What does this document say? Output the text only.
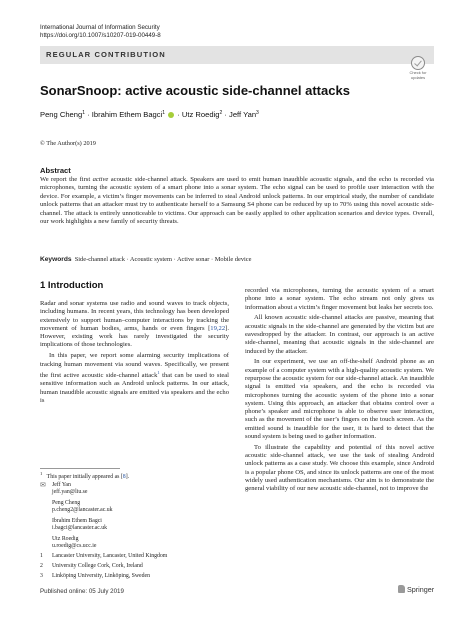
International Journal of Information Security
https://doi.org/10.1007/s10207-019-00449-8
REGULAR CONTRIBUTION
Check for
updates
SonarSnoop: active acoustic side-channel attacks
Peng Cheng$^1$ · Ibrahim Ethem Bagci$^1$  · Utz Roedig$^2$ · Jeff Yan$^3$
© The Author(s) 2019
Abstract
We report the first active acoustic side-channel attack. Speakers are used to emit human inaudible acoustic signals, and the echo is recorded via microphones, turning the acoustic system of a smart phone into a sonar system. The echo signal can be used to profile user interaction with the device. For example, a victim’s finger movements can be inferred to steal Android unlock patterns. In our empirical study, the number of candidate unlock patterns that an attacker must try to authenticate herself to a Samsung S4 phone can be reduced by up to 70% using this novel acoustic side-channel. The attack is entirely unnoticeable to victims. Our approach can be easily applied to other application scenarios and device types. Overall, our work highlights a new family of security threats.
Keywords Side-channel attack · Acoustic system · Active sonar · Mobile device
1 Introduction

Radar and sonar systems use radio and sound waves to track objects, including humans. In recent years, this technology has been developed extensively to support human–computer interactions by tracking the movement of human bodies, arms, hands or even fingers [19,22]. However, existing work has rarely investigated the security implications of those technologies.

In this paper, we report some alarming security implications of tracking human movement via sound waves. Specifically, we present the first active acoustic side-channel attack$^1$ that can be used to steal sensitive information such as Android unlock patterns. In our attack, human inaudible acoustic signals are emitted via speakers and the echo is

recorded via microphones, turning the acoustic system of a smart phone into a sonar system. The echo stream not only gives us information about a victim’s finger movement but leaks her secrets too.

All known acoustic side-channel attacks are passive, meaning that acoustic signals in the side-channel are generated by the victim but are eavesdropped by the attacker. In contrast, our approach is an active side-channel, meaning that acoustic signals in the side-channel are induced by the attacker.

In our experiment, we use an off-the-shelf Android phone as an example of a computer system with a high-quality acoustic system. We repurpose the acoustic system for our side-channel attack. An inaudible signal is emitted via speakers, and the echo is recorded via microphones turning the acoustic system of the phone into a sonar system. Using this approach, an attacker that obtains control over a phone’s speaker and microphone is able to observe user interaction, such as the movement of the user’s fingers on the touch screen. As the emitted sound is inaudible for the user, it is hard to detect that the sound system is being used to gather information.

To illustrate the capability and potential of this novel active acoustic side-channel attack, we use the task of stealing Android unlock patterns as a case study. We choose this example, since Android is a popular phone OS, and since its unlock patterns are one of the most widely used authentication mechanisms. Our aim is to demonstrate the general viability of our new acoustic side-channel, not to improve the

$^1$   This paper initially appeared as [8].
✉	Jeff Yan
jeff.yan@liu.se
Peng Cheng
p.cheng2@lancaster.ac.uk
Ibrahim Ethem Bagci
i.bagci@lancaster.ac.uk
Utz Roedig
u.roedig@cs.ucc.ie
1 Lancaster University, Lancaster, United Kingdom
2 University College Cork, Cork, Ireland
3 Linköping University, Linköping, Sweden
Published online: 05 July 2019	Springer
